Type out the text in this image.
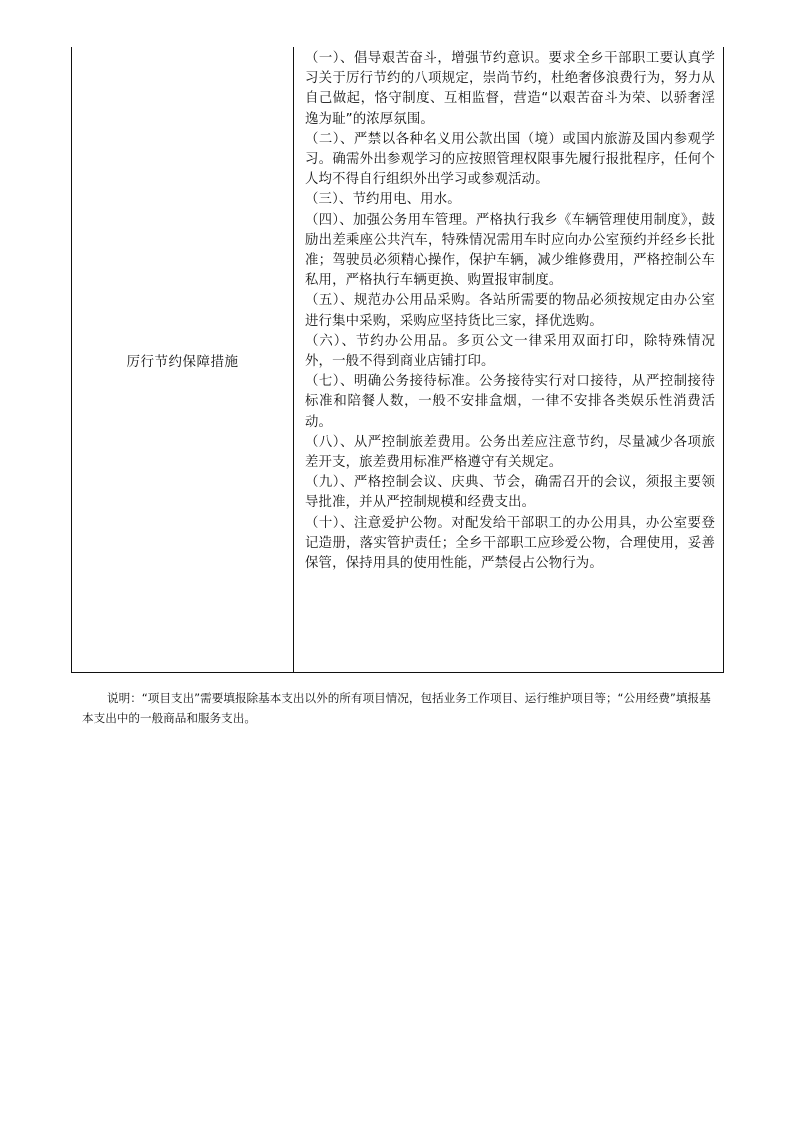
厉行节约保障措施

（一）、倡导艰苦奋斗，增强节约意识。要求全乡干部职工要认真学习关于厉行节约的八项规定，崇尚节约，杜绝奢侈浪费行为，努力从自己做起，恪守制度、互相监督，营造“以艰苦奋斗为荣、以骄奢淫逸为耻”的浓厚氛围。

（二）、严禁以各种名义用公款出国（境）或国内旅游及国内参观学习。确需外出参观学习的应按照管理权限事先履行报批程序，任何个人均不得自行组织外出学习或参观活动。

（三）、节约用电、用水。

（四）、加强公务用车管理。严格执行我乡《车辆管理使用制度》，鼓励出差乘座公共汽车，特殊情况需用车时应向办公室预约并经乡长批准；驾驶员必须精心操作，保护车辆，减少维修费用，严格控制公车私用，严格执行车辆更换、购置报审制度。

（五）、规范办公用品采购。各站所需要的物品必须按规定由办公室进行集中采购，采购应坚持货比三家，择优选购。

（六）、节约办公用品。多页公文一律采用双面打印，除特殊情况外，一般不得到商业店铺打印。

（七）、明确公务接待标准。公务接待实行对口接待，从严控制接待标准和陪餐人数，一般不安排盒烟，一律不安排各类娱乐性消费活动。

（八）、从严控制旅差费用。公务出差应注意节约，尽量减少各项旅差开支，旅差费用标准严格遵守有关规定。

（九）、严格控制会议、庆典、节会，确需召开的会议，须报主要领导批准，并从严控制规模和经费支出。

（十）、注意爱护公物。对配发给干部职工的办公用具，办公室要登记造册，落实管护责任；全乡干部职工应珍爱公物，合理使用，妥善保管，保持用具的使用性能，严禁侵占公物行为。

说明：“项目支出”需要填报除基本支出以外的所有项目情况，包括业务工作项目、运行维护项目等；“公用经费”填报基本支出中的一般商品和服务支出。
